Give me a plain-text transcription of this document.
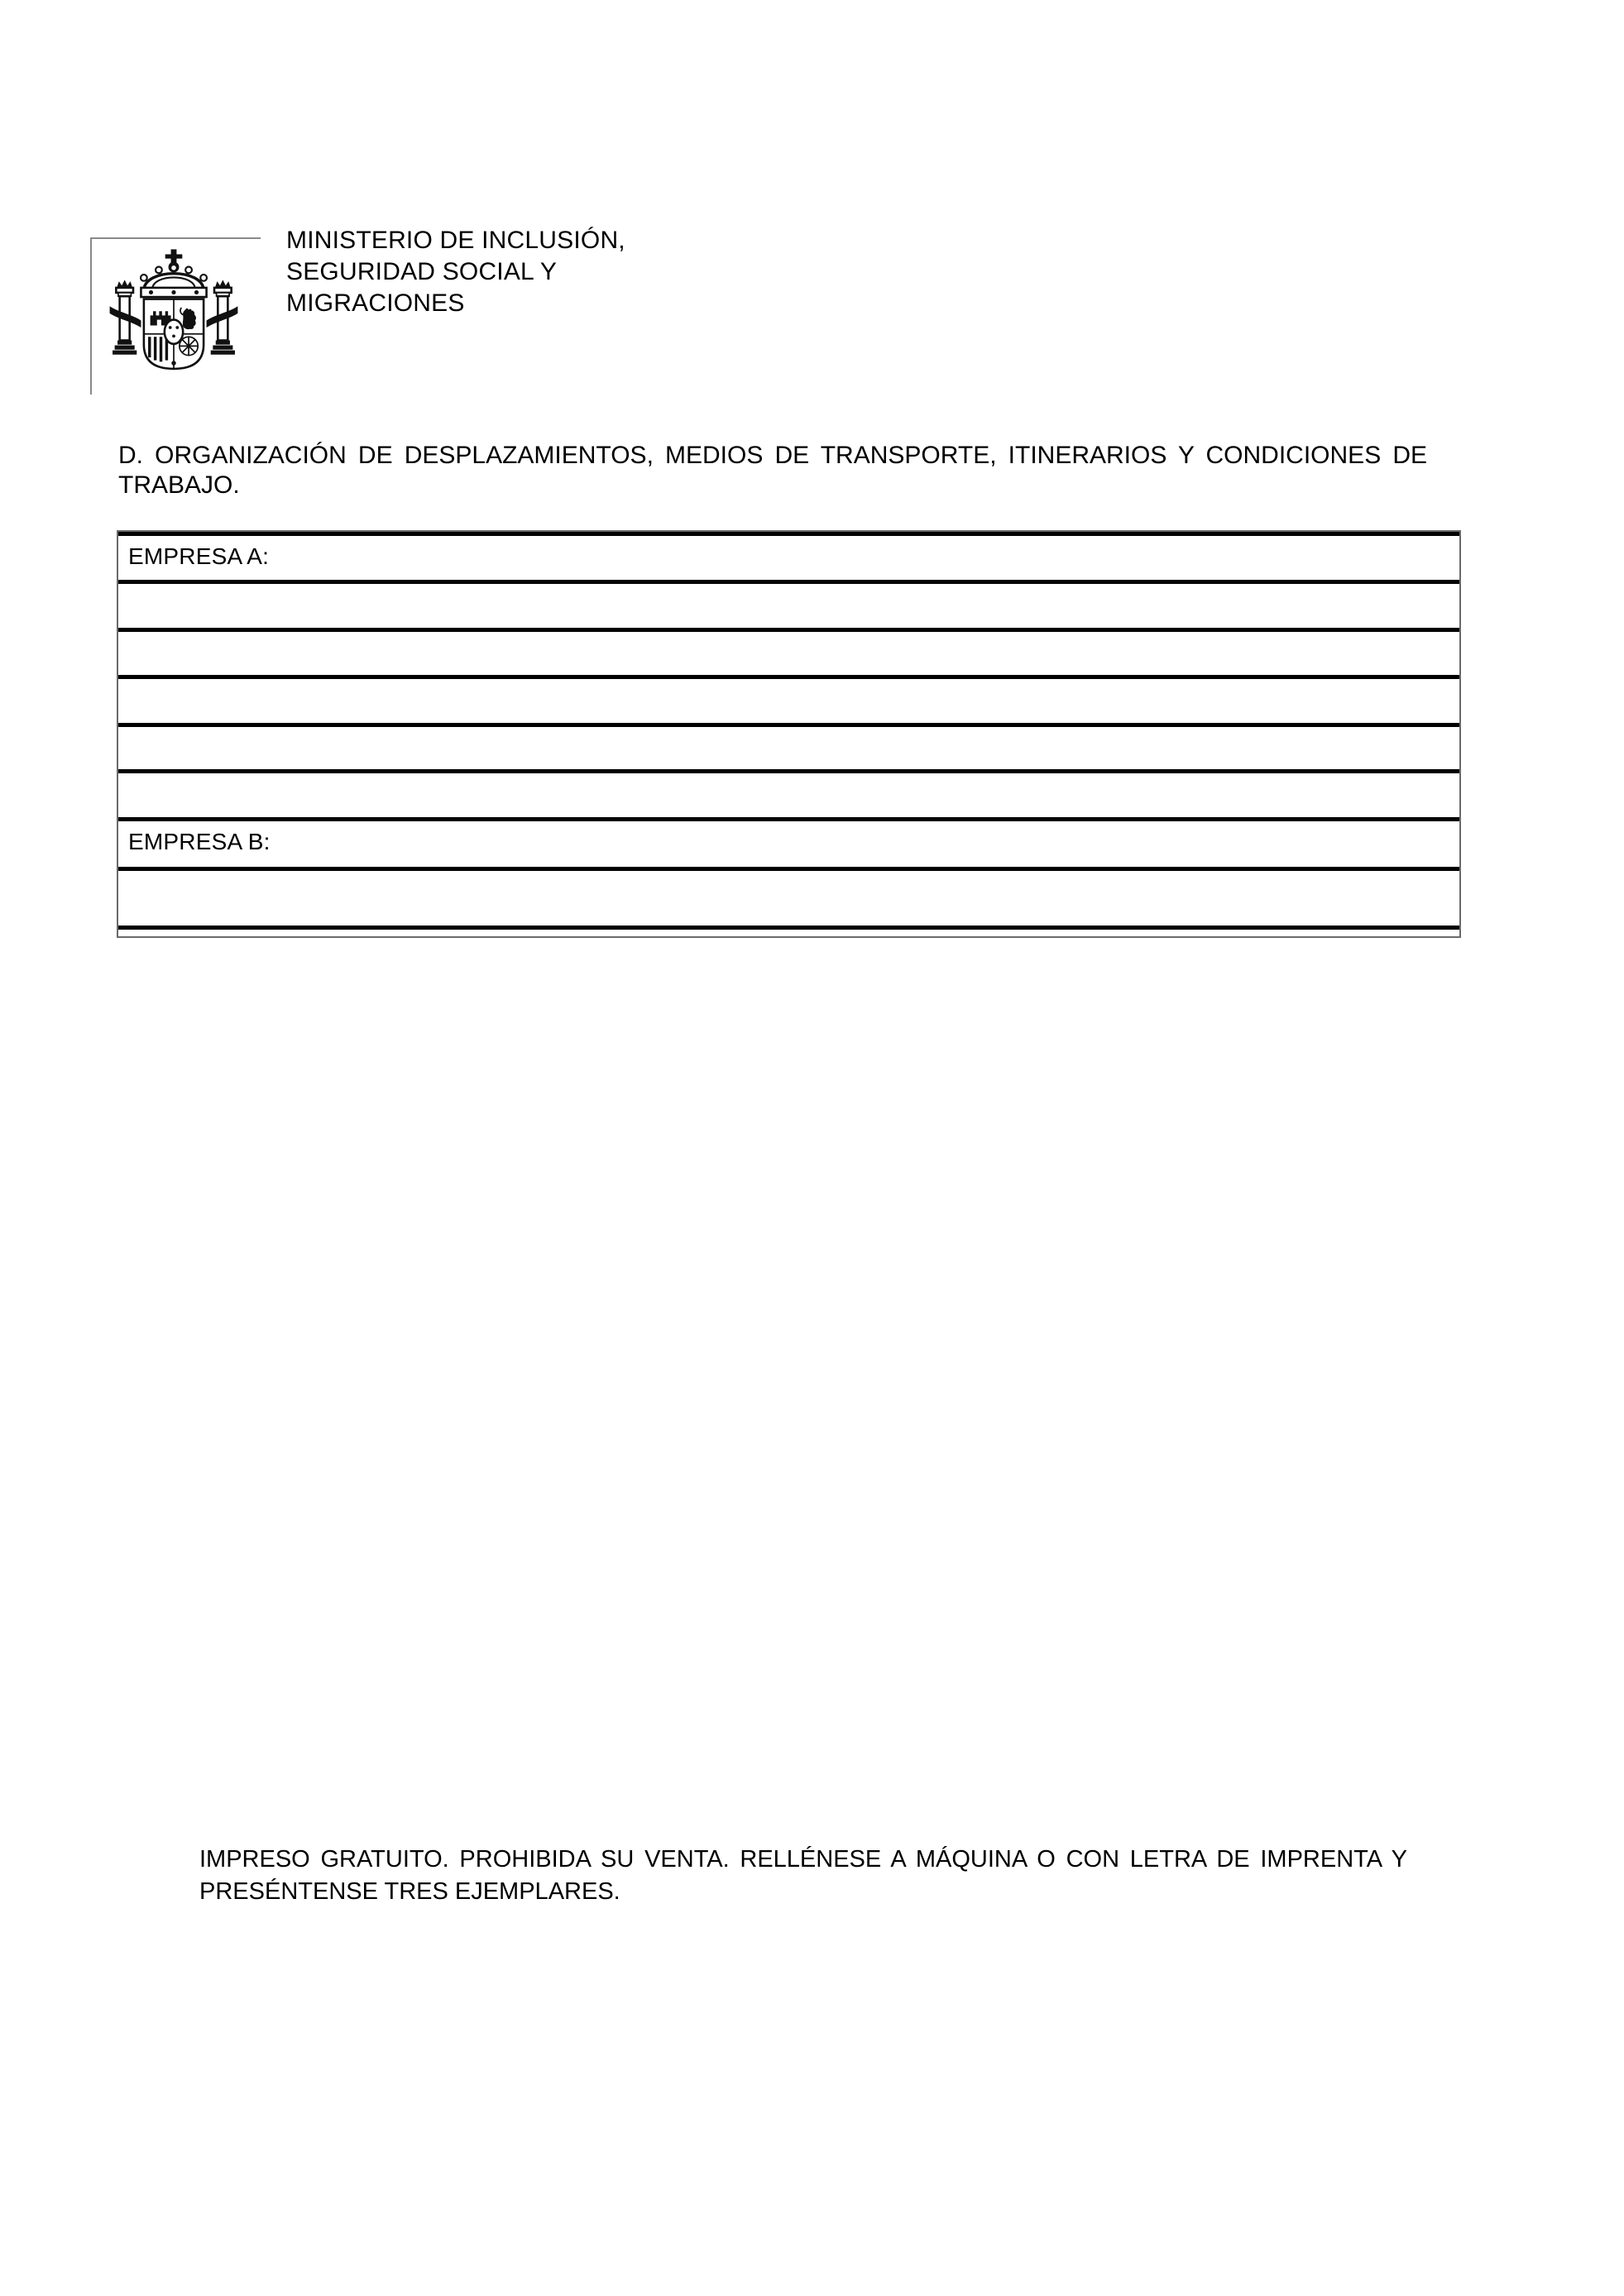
MINISTERIO DE INCLUSIÓN,
SEGURIDAD SOCIAL Y
MIGRACIONES
D. ORGANIZACIÓN DE DESPLAZAMIENTOS, MEDIOS DE TRANSPORTE, ITINERARIOS Y CONDICIONES DE
TRABAJO.
EMPRESA A:
EMPRESA B:
IMPRESO GRATUITO. PROHIBIDA SU VENTA. RELLÉNESE A MÁQUINA O CON LETRA DE IMPRENTA Y
PRESÉNTENSE TRES EJEMPLARES.
